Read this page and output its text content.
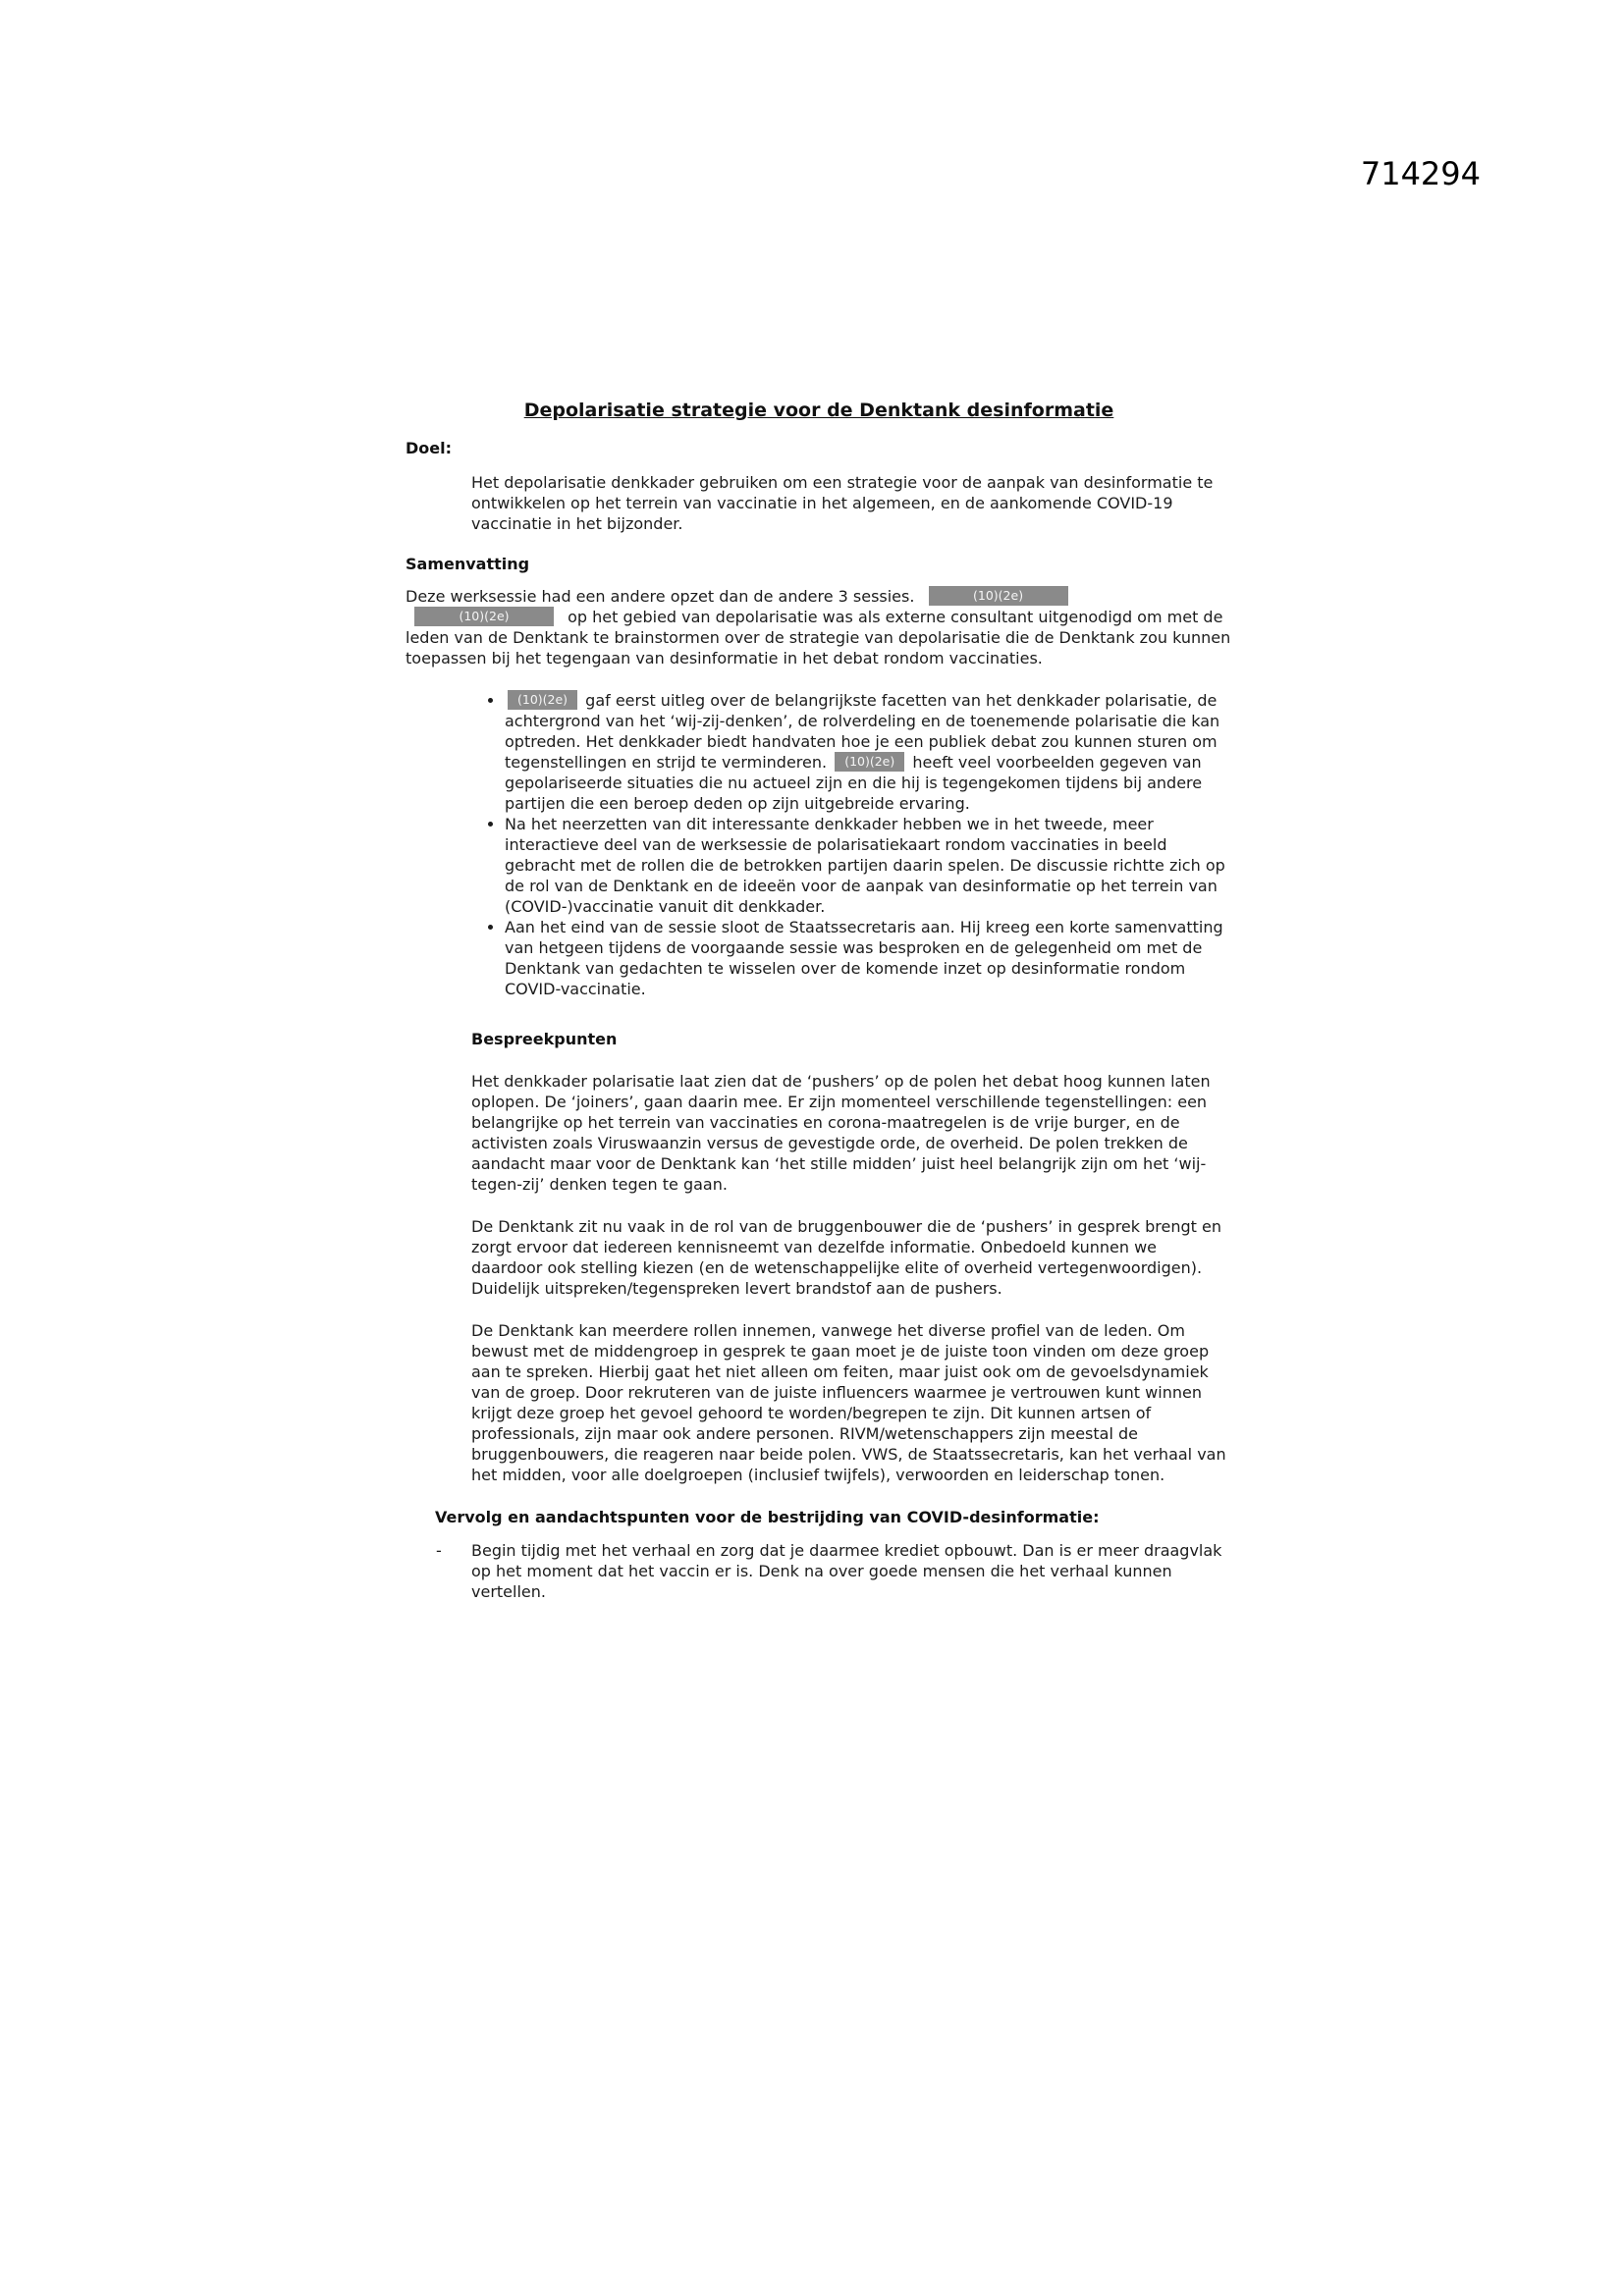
714294
Depolarisatie strategie voor de Denktank desinformatie
Doel:

Het depolarisatie denkkader gebruiken om een strategie voor de aanpak van desinformatie te ontwikkelen op het terrein van vaccinatie in het algemeen, en de aankomende COVID-19 vaccinatie in het bijzonder.

Samenvatting

Deze werksessie had een andere opzet dan de andere 3 sessies.	(10)(2e) (10)(2e)	op het gebied van depolarisatie was als externe consultant uitgenodigd om met de leden van de Denktank te brainstormen over de strategie van depolarisatie die de Denktank zou kunnen toepassen bij het tegengaan van desinformatie in het debat rondom vaccinaties.

• (10)(2e) gaf eerst uitleg over de belangrijkste facetten van het denkkader polarisatie, de achtergrond van het ‘wij-zij-denken’, de rolverdeling en de toenemende polarisatie die kan optreden. Het denkkader biedt handvaten hoe je een publiek debat zou kunnen sturen om tegenstellingen en strijd te verminderen. (10)(2e) heeft veel voorbeelden gegeven van gepolariseerde situaties die nu actueel zijn en die hij is tegengekomen tijdens bij andere partijen die een beroep deden op zijn uitgebreide ervaring.
• Na het neerzetten van dit interessante denkkader hebben we in het tweede, meer interactieve deel van de werksessie de polarisatiekaart rondom vaccinaties in beeld gebracht met de rollen die de betrokken partijen daarin spelen. De discussie richtte zich op de rol van de Denktank en de ideeën voor de aanpak van desinformatie op het terrein van (COVID-)vaccinatie vanuit dit denkkader.
• Aan het eind van de sessie sloot de Staatssecretaris aan. Hij kreeg een korte samenvatting van hetgeen tijdens de voorgaande sessie was besproken en de gelegenheid om met de Denktank van gedachten te wisselen over de komende inzet op desinformatie rondom COVID-vaccinatie.
Bespreekpunten

Het denkkader polarisatie laat zien dat de ‘pushers’ op de polen het debat hoog kunnen laten oplopen. De ‘joiners’, gaan daarin mee. Er zijn momenteel verschillende tegenstellingen: een belangrijke op het terrein van vaccinaties en corona-maatregelen is de vrije burger, en de activisten zoals Viruswaanzin versus de gevestigde orde, de overheid. De polen trekken de aandacht maar voor de Denktank kan ‘het stille midden’ juist heel belangrijk zijn om het ‘wij-tegen-zij’ denken tegen te gaan.

De Denktank zit nu vaak in de rol van de bruggenbouwer die de ‘pushers’ in gesprek brengt en zorgt ervoor dat iedereen kennisneemt van dezelfde informatie. Onbedoeld kunnen we daardoor ook stelling kiezen (en de wetenschappelijke elite of overheid vertegenwoordigen). Duidelijk uitspreken/tegenspreken levert brandstof aan de pushers.

De Denktank kan meerdere rollen innemen, vanwege het diverse profiel van de leden. Om bewust met de middengroep in gesprek te gaan moet je de juiste toon vinden om deze groep aan te spreken. Hierbij gaat het niet alleen om feiten, maar juist ook om de gevoelsdynamiek van de groep. Door rekruteren van de juiste influencers waarmee je vertrouwen kunt winnen krijgt deze groep het gevoel gehoord te worden/begrepen te zijn. Dit kunnen artsen of professionals, zijn maar ook andere personen. RIVM/wetenschappers zijn meestal de bruggenbouwers, die reageren naar beide polen. VWS, de Staatssecretaris, kan het verhaal van het midden, voor alle doelgroepen (inclusief twijfels), verwoorden en leiderschap tonen.

Vervolg en aandachtspunten voor de bestrijding van COVID-desinformatie:
-	Begin tijdig met het verhaal en zorg dat je daarmee krediet opbouwt. Dan is er meer draagvlak op het moment dat het vaccin er is. Denk na over goede mensen die het verhaal kunnen vertellen.
